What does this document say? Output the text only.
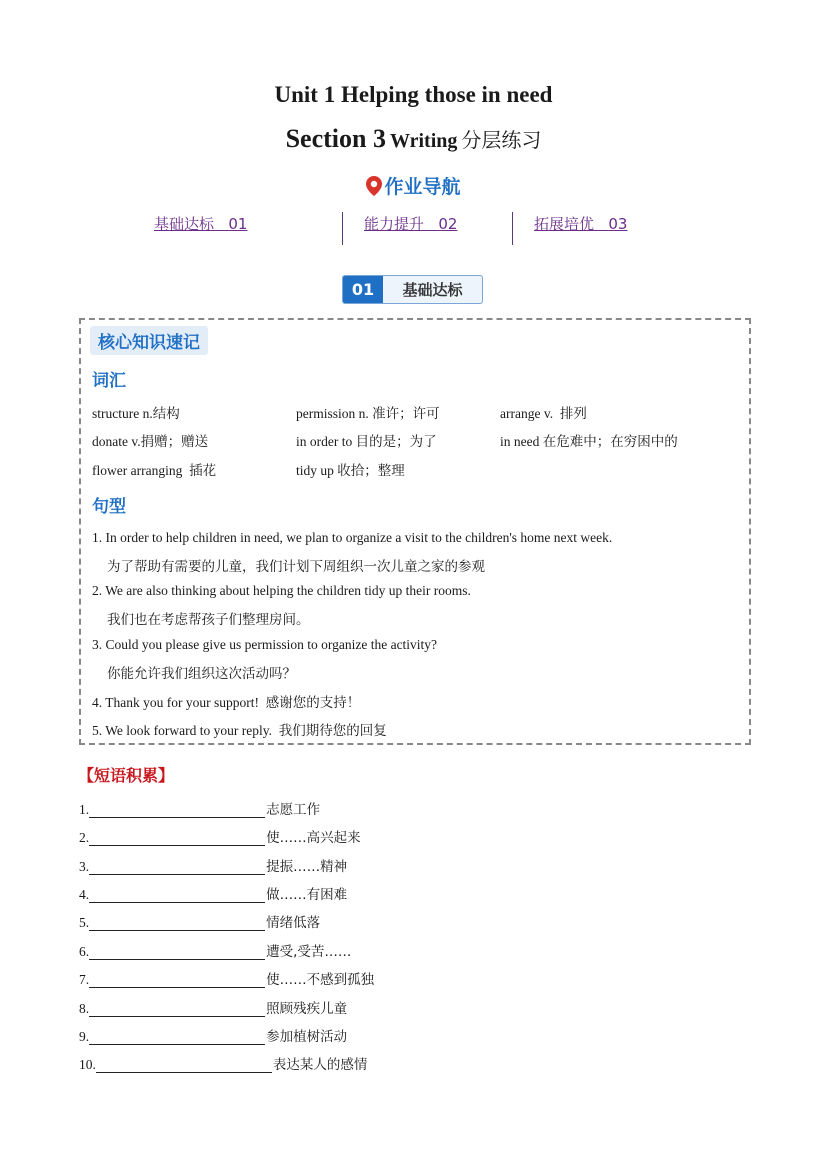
Unit 1 Helping those in need
Section 3 Writing 分层练习
作业导航
基础达标 01	能力提升 02	拓展培优 03
01	基础达标
核心知识速记
词汇
structure n.结构	permission n. 准许；许可	arrange v. 排列
donate v.捐赠；赠送	in order to 目的是；为了	in need 在危难中；在穷困中的
flower arranging 插花	tidy up 收拾；整理
句型
1. In order to help children in need, we plan to organize a visit to the children's home next week.
为了帮助有需要的儿童，我们计划下周组织一次儿童之家的参观
2. We are also thinking about helping the children tidy up their rooms.
我们也在考虑帮孩子们整理房间。
3. Could you please give us permission to organize the activity?
你能允许我们组织这次活动吗？
4. Thank you for your support! 感谢您的支持！
5. We look forward to your reply. 我们期待您的回复
【短语积累】
1.	志愿工作
2.	使……高兴起来
3.	提振……精神
4.	做……有困难
5.	情绪低落
6.	遭受,受苦……
7.	使……不感到孤独
8.	照顾残疾儿童
9.	参加植树活动
10.	表达某人的感情
